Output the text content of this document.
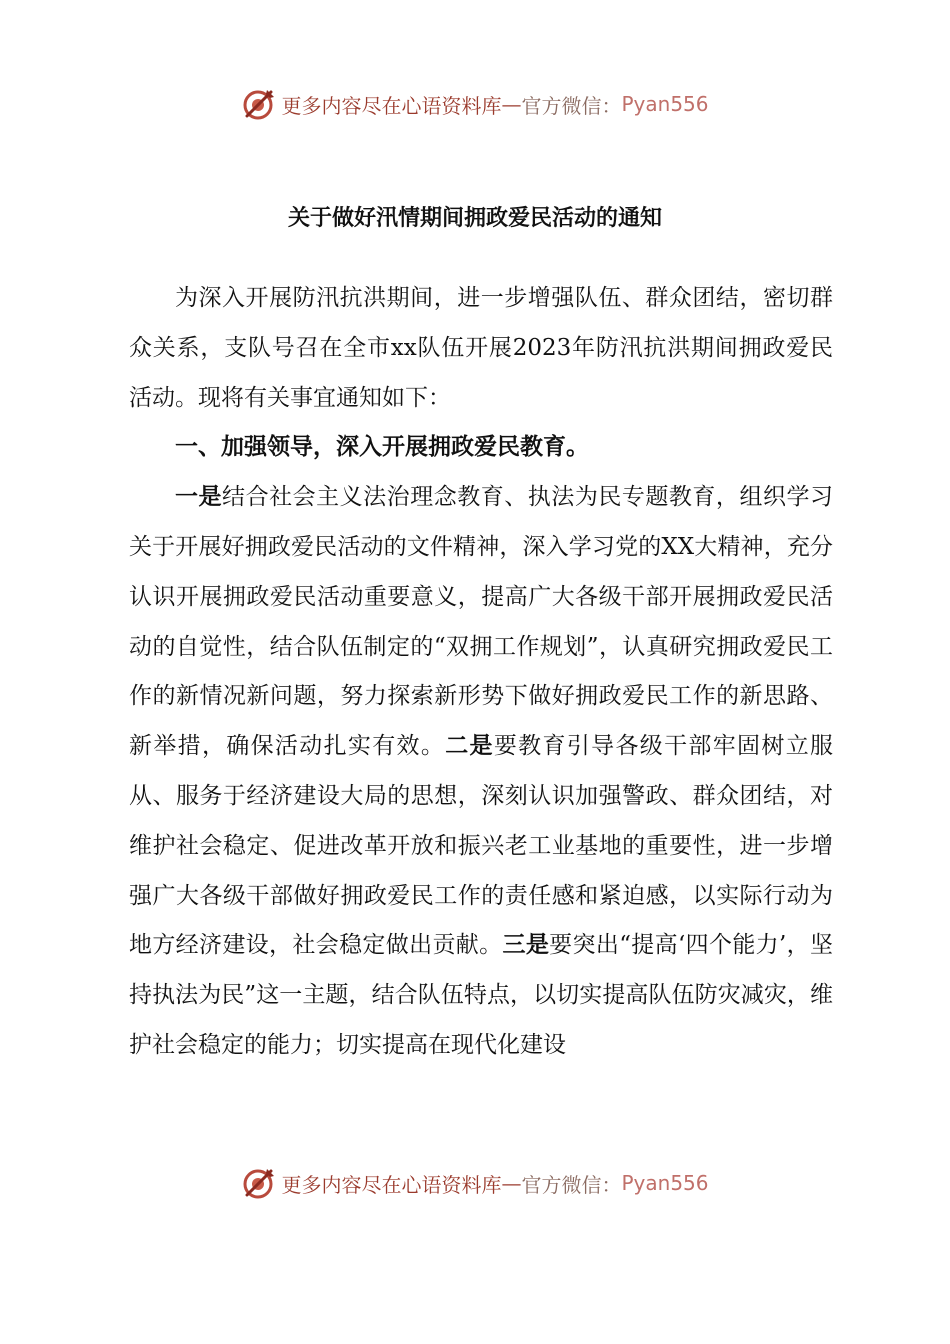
更多内容尽在心语资料库 — 官方微信： Pyan556
关于做好汛情期间拥政爱民活动的通知

为深入开展防汛抗洪期间，进一步增强队伍、群众团结，密切群众关系，支队号召在全市xx队伍开展2023年防汛抗洪期间拥政爱民活动。现将有关事宜通知如下：

一、加强领导，深入开展拥政爱民教育。

一是结合社会主义法治理念教育、执法为民专题教育，组织学习关于开展好拥政爱民活动的文件精神，深入学习党的XX大精神，充分认识开展拥政爱民活动重要意义，提高广大各级干部开展拥政爱民活动的自觉性，结合队伍制定的“双拥工作规划”，认真研究拥政爱民工作的新情况新问题，努力探索新形势下做好拥政爱民工作的新思路、新举措，确保活动扎实有效。二是要教育引导各级干部牢固树立服从、服务于经济建设大局的思想，深刻认识加强警政、群众团结，对维护社会稳定、促进改革开放和振兴老工业基地的重要性，进一步增强广大各级干部做好拥政爱民工作的责任感和紧迫感，以实际行动为地方经济建设，社会稳定做出贡献。三是要突出“提高‘四个能力’，坚持执法为民”这一主题，结合队伍特点，以切实提高队伍防灾减灾，维护社会稳定的能力；切实提高在现代化建设

更多内容尽在心语资料库 — 官方微信： Pyan556
